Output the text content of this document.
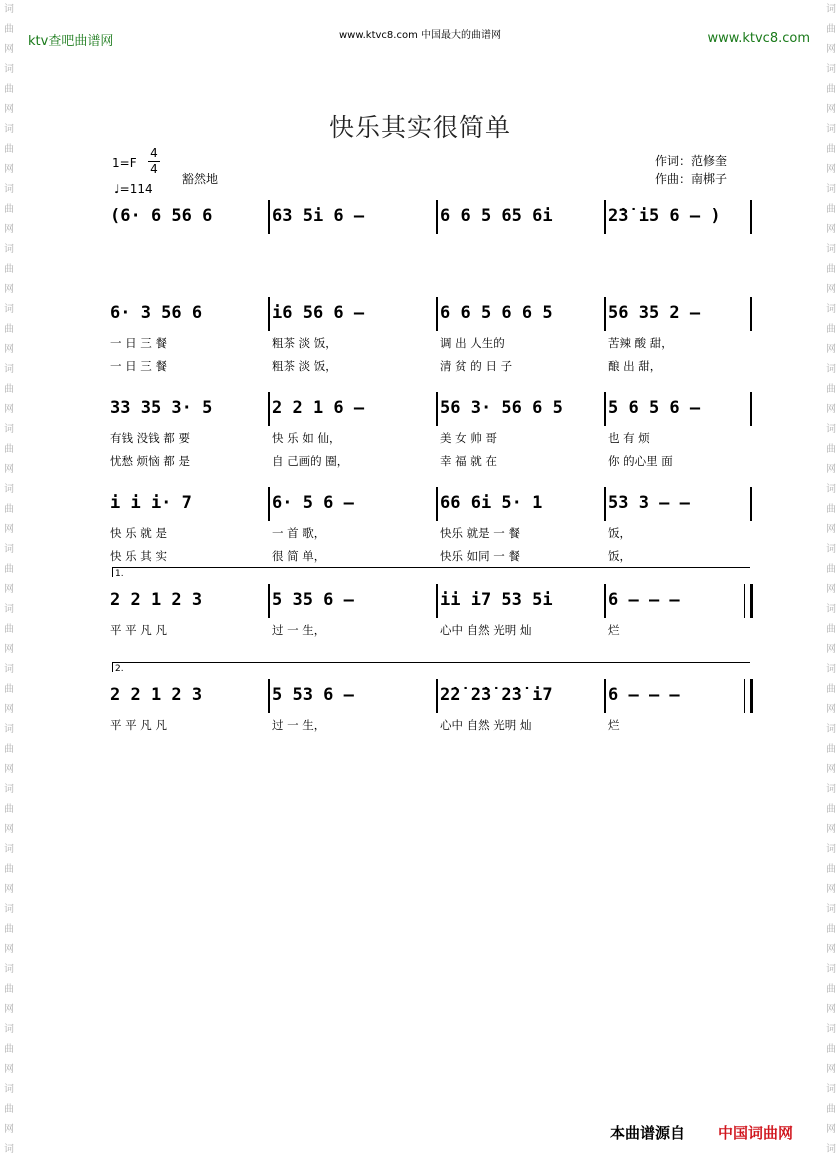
词
曲
网
词
曲
网
词
曲
网
词
曲
网
词
曲
网
词
曲
网
词
曲
网
词
曲
网
词
曲
网
词
曲
网
词
曲
网
词
曲
网
词
曲
网
词
曲
网
词
曲
网
词
曲
网
词
曲
网
词
曲
网
词
曲
网
词
词
曲
网
词
曲
网
词
曲
网
词
曲
网
词
曲
网
词
曲
网
词
曲
网
词
曲
网
词
曲
网
词
曲
网
词
曲
网
词
曲
网
词
曲
网
词
曲
网
词
曲
网
词
曲
网
词
曲
网
词
曲
网
词
曲
网
词
ktv查吧曲谱网	www.ktvc8.com 中国最大的曲谱网	www.ktvc8.com
快乐其实很简单
1=F
4
4
♩=114
豁然地
作词：范修奎
作曲：南梆子
(6· 6 56 6	63 5i 6 –	6 6 5 65 6i	2̇3̇ i5 6 – )
6· 3 56 6	i6 56 6 –	6 6 5 6 6 5	56 35 2 –
一 日 三 餐	粗茶 淡 饭，	调 出 人生的	苦辣 酸 甜，
一 日 三 餐	粗茶 淡 饭，	清 贫 的 日 子	酿 出 甜，
33 35 3· 5	2 2 1 6 –	56 3· 56 6 5	5 6 5 6 –
有钱 没钱 都 要	快 乐 如 仙，	美 女 帅 哥	也 有 烦
忧愁 烦恼 都 是	自 己画的 圈，	幸 福 就 在	你 的心里 面
i i i· 7	6· 5 6 –	66 6i 5· 1	53 3 – –
快 乐 就 是	一 首 歌，	快乐 就是 一 餐	饭，
快 乐 其 实	很 简 单，	快乐 如同 一 餐	饭，
2 2 1 2 3	5 35 6 –	ii i7 53 5i	6 – – –
平 平 凡 凡	过 一 生，	心中 自然 光明 灿	烂
1.
2 2 1 2 3	5 53 6 –	2̇2̇ 2̇3̇ 2̇3̇ i7	6 – – –
平 平 凡 凡	过 一 生，	心中 自然 光明 灿	烂
2.
本曲谱源自 中国词曲网
